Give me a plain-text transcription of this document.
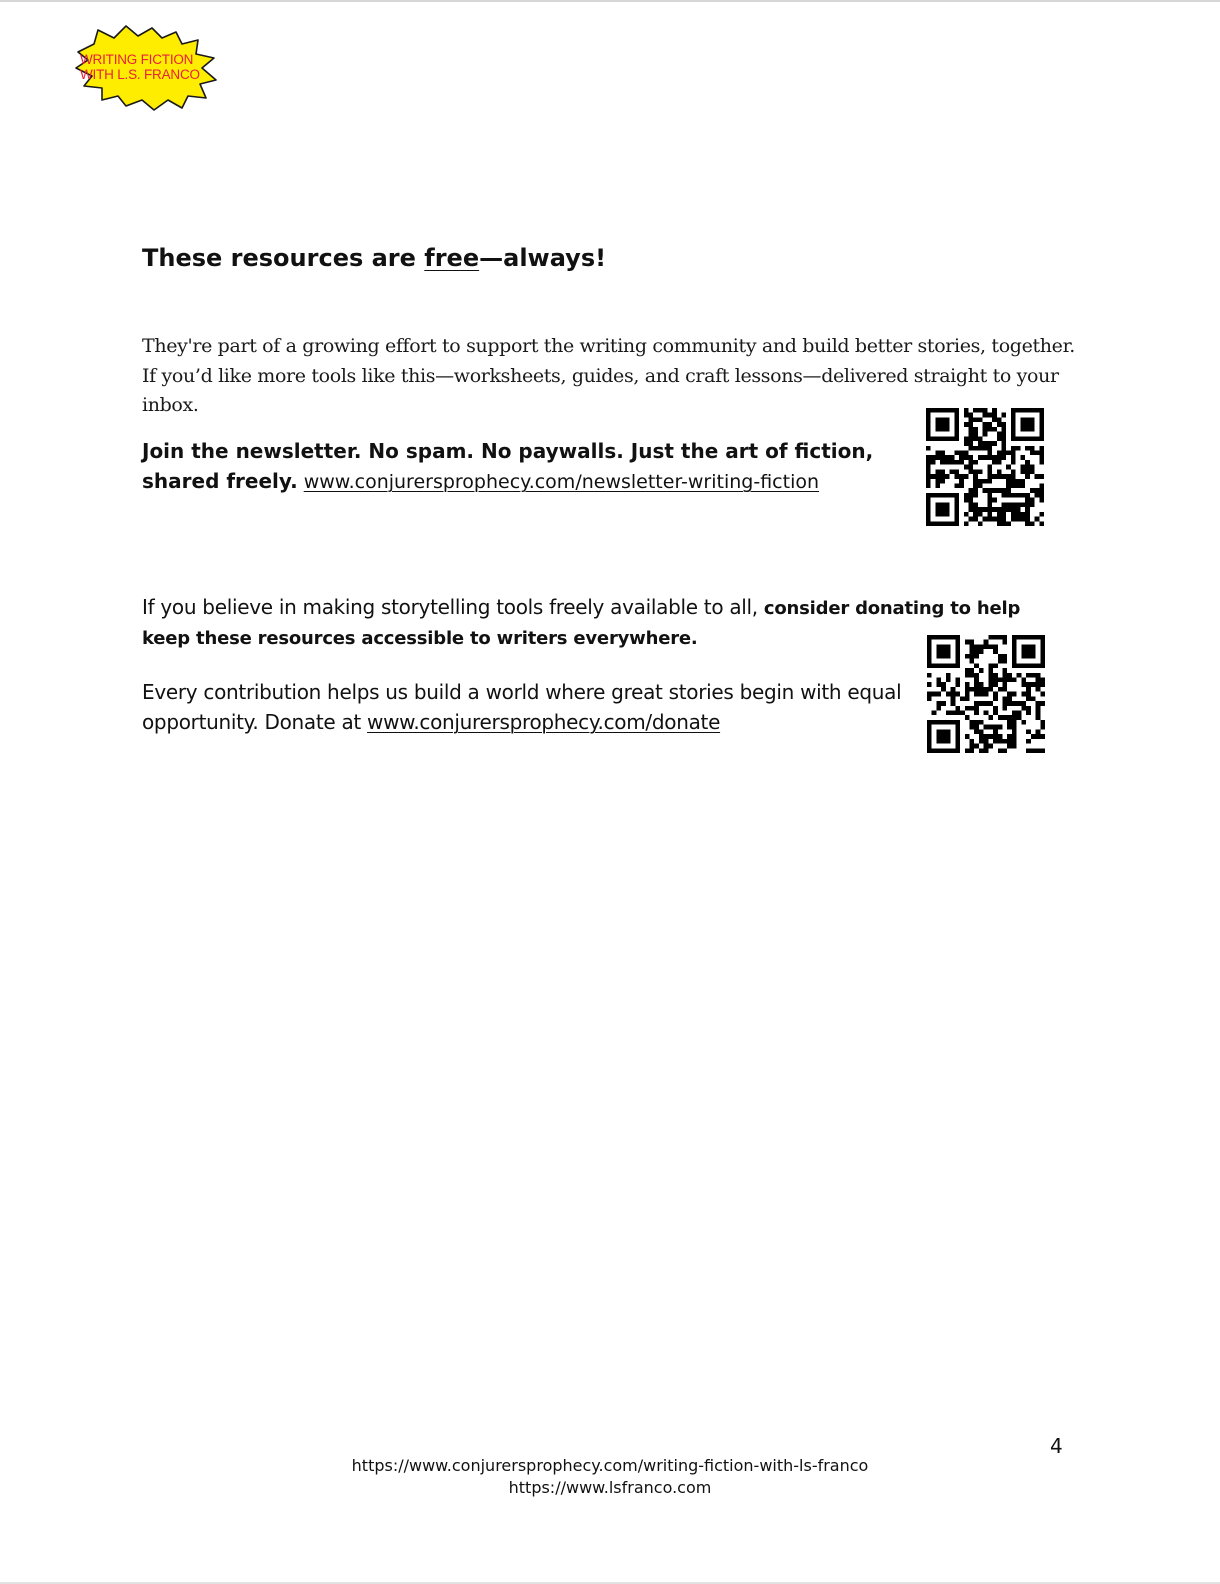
WRITING FICTION
WITH L.S. FRANCO
These resources are free—always!

They're part of a growing effort to support the writing community and build better stories, together. If you’d like more tools like this—worksheets, guides, and craft lessons—delivered straight to your inbox.

Join the newsletter. No spam. No paywalls. Just the art of fiction, shared freely. www.conjurersprophecy.com/newsletter-writing-fiction

If you believe in making storytelling tools freely available to all, consider donating to help keep these resources accessible to writers everywhere.

Every contribution helps us build a world where great stories begin with equal opportunity. Donate at www.conjurersprophecy.com/donate

4
https://www.conjurersprophecy.com/writing-fiction-with-ls-franco
https://www.lsfranco.com
